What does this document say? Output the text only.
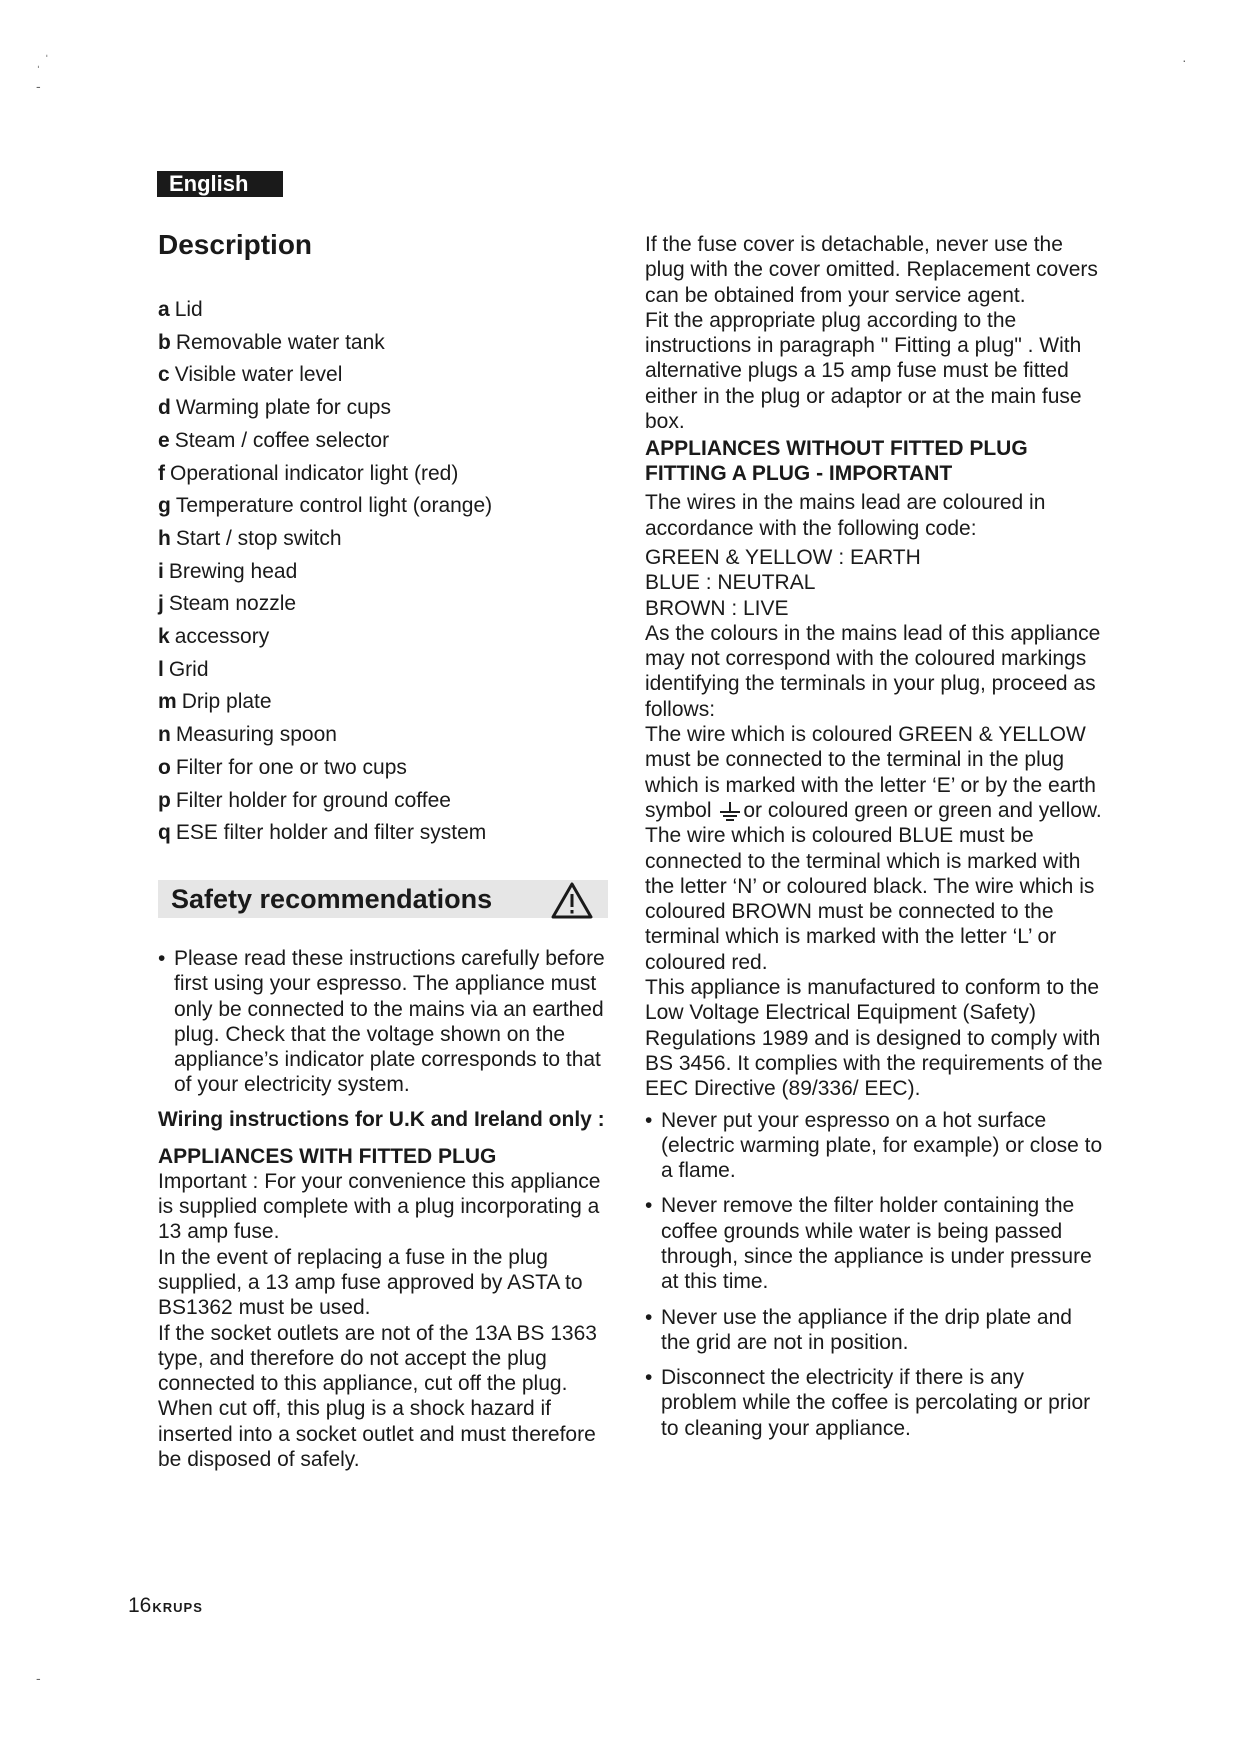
ˌ ˈ
-
·
-
English
Description
a Lid
b Removable water tank
c Visible water level
d Warming plate for cups
e Steam / coffee selector
f Operational indicator light (red)
g Temperature control light (orange)
h Start / stop switch
i Brewing head
j Steam nozzle
k accessory
l Grid
m Drip plate
n Measuring spoon
o Filter for one or two cups
p Filter holder for ground coffee
q ESE filter holder and filter system
Safety recommendations
• Please read these instructions carefully before first using your espresso. The appliance must only be connected to the mains via an earthed plug. Check that the voltage shown on the appliance’s indicator plate corresponds to that of your electricity system.

Wiring instructions for U.K and Ireland only :

APPLIANCES WITH FITTED PLUG

Important : For your convenience this appliance is supplied complete with a plug incorporating a 13 amp fuse.

In the event of replacing a fuse in the plug supplied, a 13 amp fuse approved by ASTA to BS1362 must be used.

If the socket outlets are not of the 13A BS 1363 type, and therefore do not accept the plug connected to this appliance, cut off the plug.

When cut off, this plug is a shock hazard if inserted into a socket outlet and must therefore be disposed of safely.

If the fuse cover is detachable, never use the plug with the cover omitted. Replacement covers can be obtained from your service agent.

Fit the appropriate plug according to the instructions in paragraph " Fitting a plug" . With alternative plugs a 15 amp fuse must be fitted either in the plug or adaptor or at the main fuse box.

APPLIANCES WITHOUT FITTED PLUG

FITTING A PLUG - IMPORTANT

The wires in the mains lead are coloured in accordance with the following code:

GREEN & YELLOW : EARTH

BLUE : NEUTRAL

BROWN : LIVE

As the colours in the mains lead of this appliance may not correspond with the coloured markings identifying the terminals in your plug, proceed as follows:

The wire which is coloured GREEN & YELLOW must be connected to the terminal in the plug which is marked with the letter ‘E’ or by the earth symbol or coloured green or green and yellow. The wire which is coloured BLUE must be connected to the terminal which is marked with the letter ‘N’ or coloured black. The wire which is coloured BROWN must be connected to the terminal which is marked with the letter ‘L’ or coloured red.

This appliance is manufactured to conform to the Low Voltage Electrical Equipment (Safety) Regulations 1989 and is designed to comply with BS 3456. It complies with the requirements of the EEC Directive (89/336/ EEC).

• Never put your espresso on a hot surface (electric warming plate, for example) or close to a flame.

• Never remove the filter holder containing the coffee grounds while water is being passed through, since the appliance is under pressure at this time.

• Never use the appliance if the drip plate and the grid are not in position.

• Disconnect the electricity if there is any problem while the coffee is percolating or prior to cleaning your appliance.

16KRUPS
